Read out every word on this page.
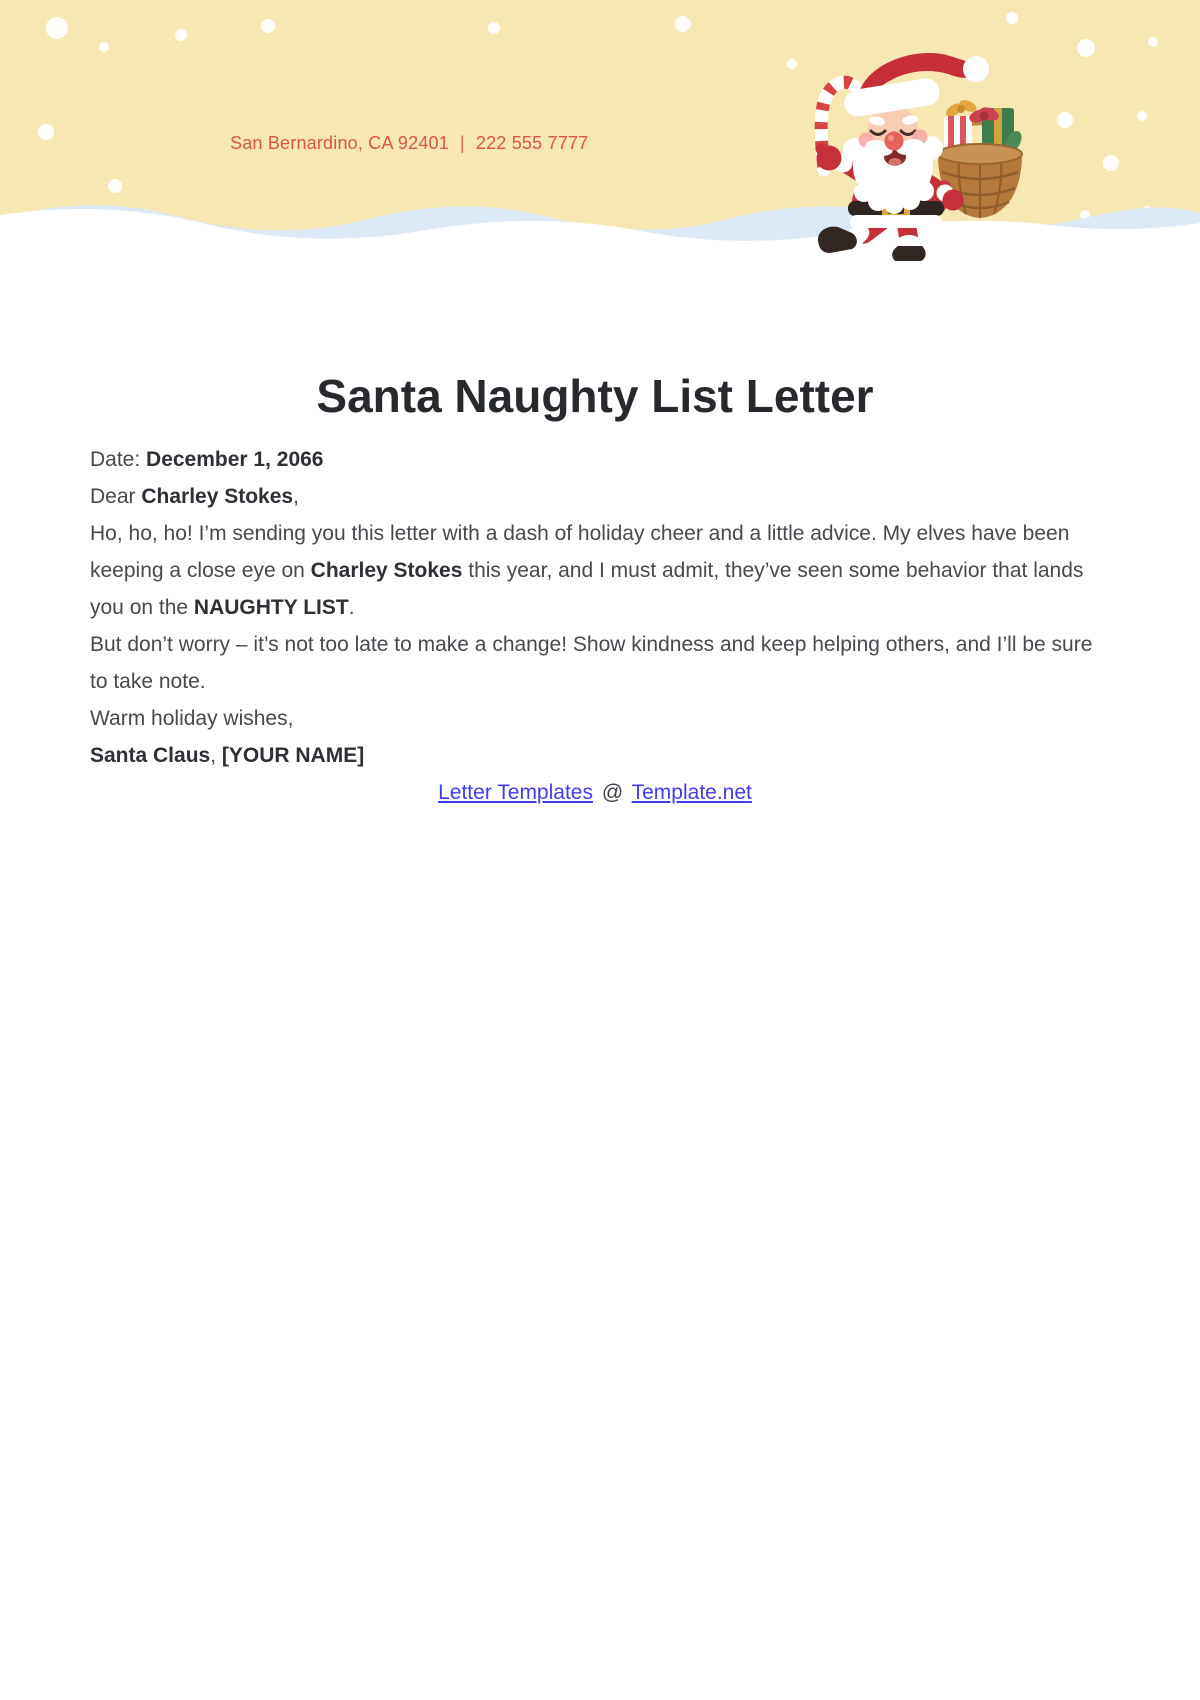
San Bernardino, CA 92401 | 222 555 7777
Santa Naughty List Letter

Date: December 1, 2066

Dear Charley Stokes,

Ho, ho, ho! I’m sending you this letter with a dash of holiday cheer and a little advice. My elves have been keeping a close eye on Charley Stokes this year, and I must admit, they’ve seen some behavior that lands you on the NAUGHTY LIST.

But don’t worry – it’s not too late to make a change! Show kindness and keep helping others, and I’ll be sure to take note.

Warm holiday wishes,

Santa Claus, [YOUR NAME]

Letter Templates @ Template.net
